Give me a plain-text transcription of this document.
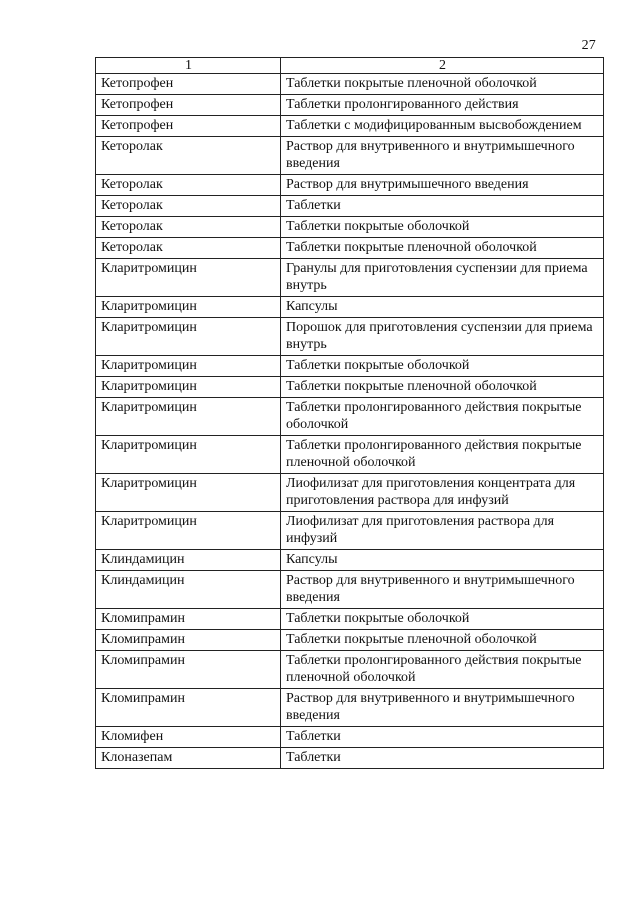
27
1	2
Кетопрофен	Таблетки покрытые пленочной оболочкой
Кетопрофен	Таблетки пролонгированного действия
Кетопрофен	Таблетки с модифицированным высвобождением
Кеторолак	Раствор для внутривенного и внутримышечного введения
Кеторолак	Раствор для внутримышечного введения
Кеторолак	Таблетки
Кеторолак	Таблетки покрытые оболочкой
Кеторолак	Таблетки покрытые пленочной оболочкой
Кларитромицин	Гранулы для приготовления суспензии для приема внутрь
Кларитромицин	Капсулы
Кларитромицин	Порошок для приготовления суспензии для приема внутрь
Кларитромицин	Таблетки покрытые оболочкой
Кларитромицин	Таблетки покрытые пленочной оболочкой
Кларитромицин	Таблетки пролонгированного действия покрытые оболочкой
Кларитромицин	Таблетки пролонгированного действия покрытые пленочной оболочкой
Кларитромицин	Лиофилизат для приготовления концентрата для приготовления раствора для инфузий
Кларитромицин	Лиофилизат для приготовления раствора для инфузий
Клиндамицин	Капсулы
Клиндамицин	Раствор для внутривенного и внутримышечного введения
Кломипрамин	Таблетки покрытые оболочкой
Кломипрамин	Таблетки покрытые пленочной оболочкой
Кломипрамин	Таблетки пролонгированного действия покрытые пленочной оболочкой
Кломипрамин	Раствор для внутривенного и внутримышечного введения
Кломифен	Таблетки
Клоназепам	Таблетки
